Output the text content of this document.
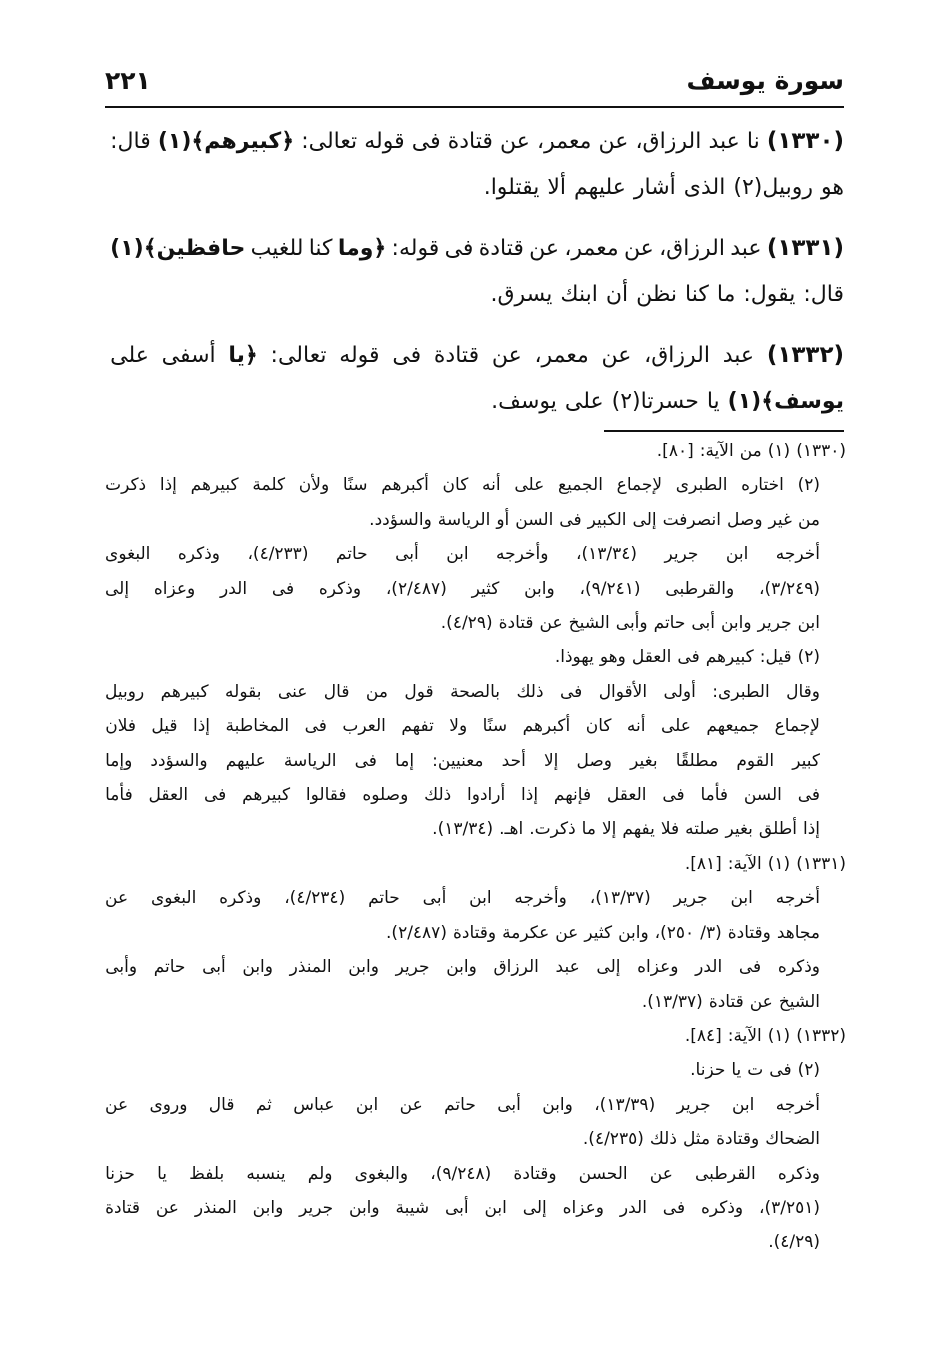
سورة يوسف
٢٢١
(١٣٣٠)
نا
عبد
الرزاق،
عن
معمر،
عن
قتادة
فى
قوله
تعالى:
﴿كبيرهم﴾(١)
قال:
هو
روبيل(٢)
الذى
أشار
عليهم
ألا
يقتلوا.
(١٣٣١)
عبد
الرزاق،
عن
معمر،
عن
قتادة
فى
قوله:
﴿وما
كنا
للغيب
حافظين﴾(١)
قال:
يقول:
ما
كنا
نظن
أن
ابنك
يسرق.
(١٣٣٢)
عبد
الرزاق،
عن
معمر،
عن
قتادة
فى
قوله
تعالى:
﴿يا
أسفى
على
يوسف﴾(١)
يا
حسرتا(٢)
على
يوسف.
(١٣٣٠)
(١)
من
الآية:
[٨٠].
(٢)
اختاره
الطبرى
لإجماع
الجميع
على
أنه
كان
أكبرهم
سنًا
ولأن
كلمة
كبيرهم
إذا
ذكرت
من
غير
وصل
انصرفت
إلى
الكبير
فى
السن
أو
الرياسة
والسؤدد.
أخرجه
ابن
جرير
(١٣/٣٤)،
وأخرجه
ابن
أبى
حاتم
(٤/٢٣٣)،
وذكره
البغوى
(٣/٢٤٩)،
والقرطبى
(٩/٢٤١)،
وابن
كثير
(٢/٤٨٧)،
وذكره
فى
الدر
وعزاه
إلى
ابن
جرير
وابن
أبى
حاتم
وأبى
الشيخ
عن
قتادة
(٤/٢٩).
(٢)
قيل:
كبيرهم
فى
العقل
وهو
يهوذا.
وقال
الطبرى:
أولى
الأقوال
فى
ذلك
بالصحة
قول
من
قال
عنى
بقوله
كبيرهم
روبيل
لإجماع
جميعهم
على
أنه
كان
أكبرهم
سنًا
ولا
تفهم
العرب
فى
المخاطبة
إذا
قيل
فلان
كبير
القوم
مطلقًا
بغير
وصل
إلا
أحد
معنيين:
إما
فى
الرياسة
عليهم
والسؤدد
وإما
فى
السن
فأما
فى
العقل
فإنهم
إذا
أرادوا
ذلك
وصلوه
فقالوا
كبيرهم
فى
العقل
فأما
إذا
أطلق
بغير
صلته
فلا
يفهم
إلا
ما
ذكرت.
اهـ.
(١٣/٣٤).
(١٣٣١)
(١)
الآية:
[٨١].
أخرجه
ابن
جرير
(١٣/٣٧)،
وأخرجه
ابن
أبى
حاتم
(٤/٢٣٤)،
وذكره
البغوى
عن
مجاهد
وقتادة
(٣/
٢٥٠)،
وابن
كثير
عن
عكرمة
وقتادة
(٢/٤٨٧).
وذكره
فى
الدر
وعزاه
إلى
عبد
الرزاق
وابن
جرير
وابن
المنذر
وابن
أبى
حاتم
وأبى
الشيخ
عن
قتادة
(١٣/٣٧).
(١٣٣٢)
(١)
الآية:
[٨٤].
(٢)
فى
ت
يا
حزنا.
أخرجه
ابن
جرير
(١٣/٣٩)،
وابن
أبى
حاتم
عن
ابن
عباس
ثم
قال
وروى
عن
الضحاك
وقتادة
مثل
ذلك
(٤/٢٣٥).
وذكره
القرطبى
عن
الحسن
وقتادة
(٩/٢٤٨)،
والبغوى
ولم
ينسبه
بلفظ
يا
حزنا
(٣/٢٥١)،
وذكره
فى
الدر
وعزاه
إلى
ابن
أبى
شيبة
وابن
جرير
وابن
المنذر
عن
قتادة
(٤/٢٩).
